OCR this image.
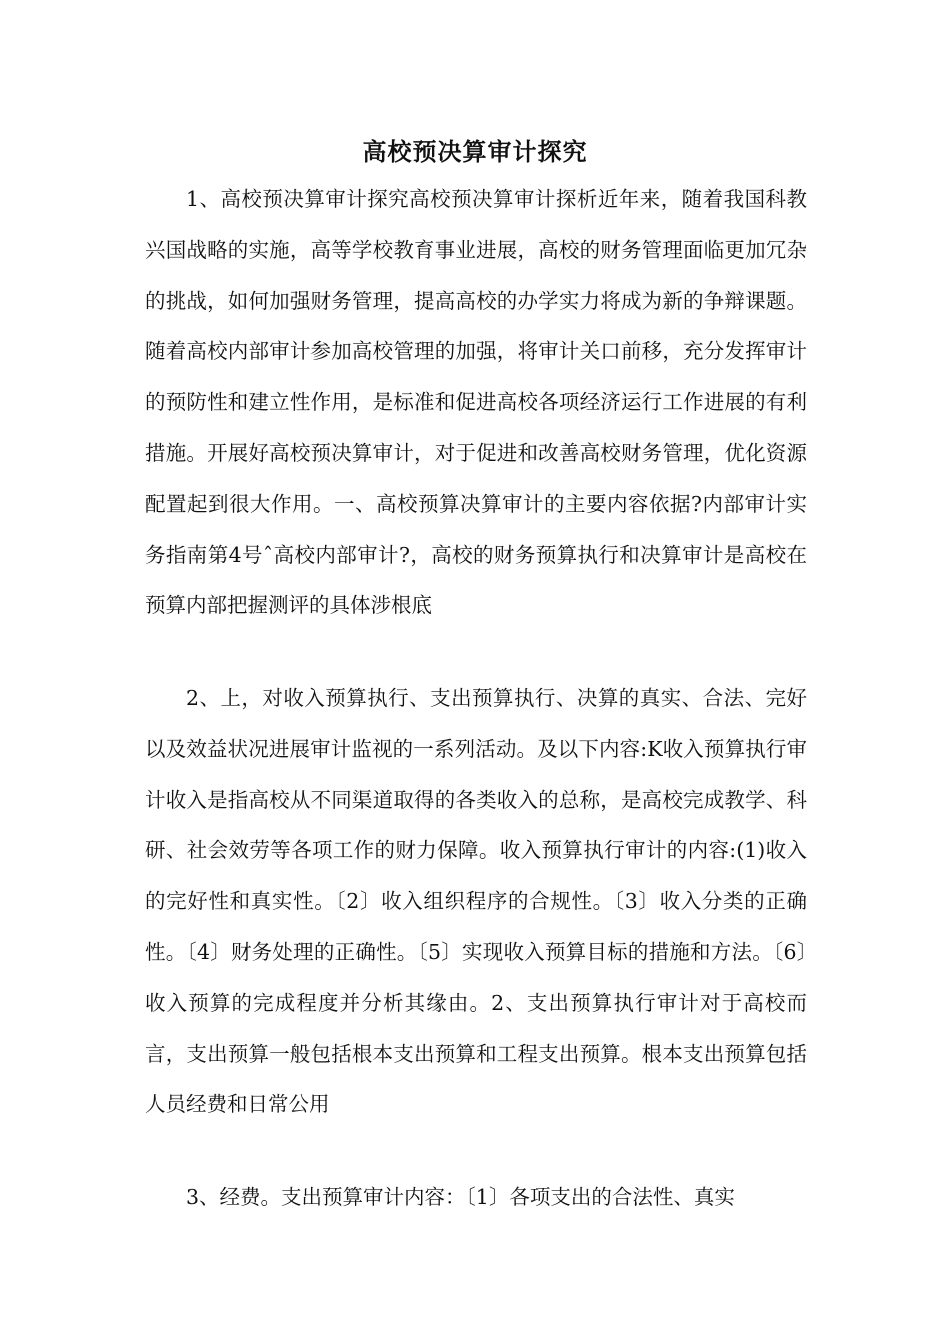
高校预决算审计探究

1、高校预决算审计探究高校预决算审计探析近年来，随着我国科教兴国战略的实施，高等学校教育事业进展，高校的财务管理面临更加冗杂的挑战，如何加强财务管理，提高高校的办学实力将成为新的争辩课题。随着高校内部审计参加高校管理的加强，将审计关口前移，充分发挥审计的预防性和建立性作用，是标准和促进高校各项经济运行工作进展的有利措施。开展好高校预决算审计，对于促进和改善高校财务管理，优化资源配置起到很大作用。一、高校预算决算审计的主要内容依据?内部审计实务指南第4号ˆ高校内部审计?，高校的财务预算执行和决算审计是高校在预算内部把握测评的具体涉根底

2、上，对收入预算执行、支出预算执行、决算的真实、合法、完好以及效益状况进展审计监视的一系列活动。及以下内容:K收入预算执行审计收入是指高校从不同渠道取得的各类收入的总称，是高校完成教学、科研、社会效劳等各项工作的财力保障。收入预算执行审计的内容:(1)收入的完好性和真实性。〔2〕收入组织程序的合规性。〔3〕收入分类的正确性。〔4〕财务处理的正确性。〔5〕实现收入预算目标的措施和方法。〔6〕收入预算的完成程度并分析其缘由。2、支出预算执行审计对于高校而言，支出预算一般包括根本支出预算和工程支出预算。根本支出预算包括人员经费和日常公用

3、经费。支出预算审计内容：〔1〕各项支出的合法性、真实
